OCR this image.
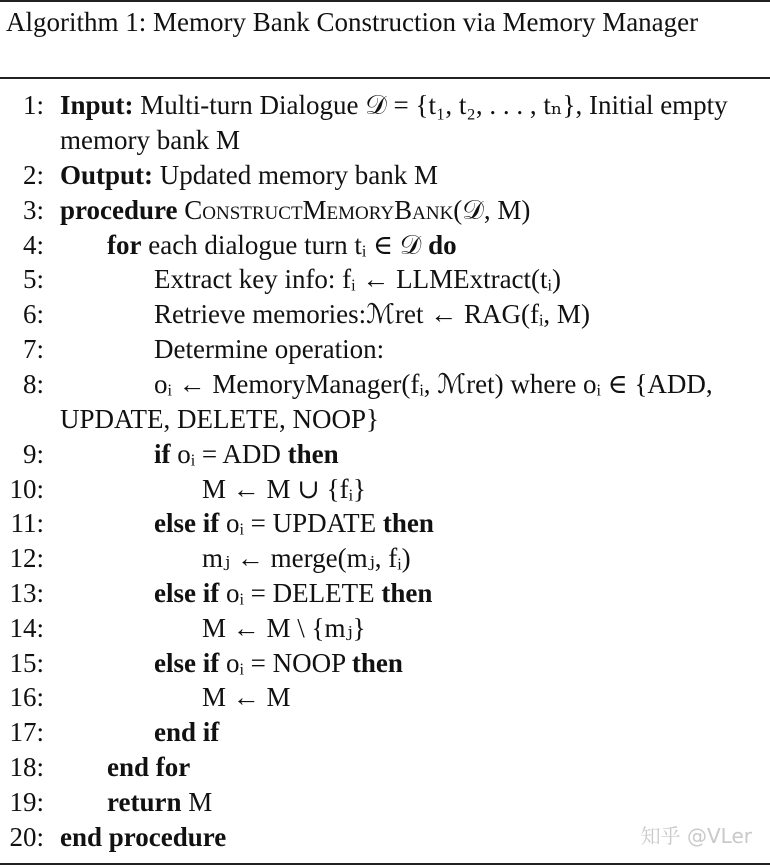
Algorithm 1: Memory Bank Construction via Memory Manager
1: Input: Multi-turn Dialogue 𝒟 = {t₁, t₂, . . . , tₙ}, Initial empty memory bank M
2: Output: Updated memory bank M
3: procedure ConstructMemoryBank(𝒟, M)
4: for each dialogue turn tᵢ ∈ 𝒟 do
5:	Extract key info: fᵢ ← LLMExtract(tᵢ)
6:	Retrieve memories:ℳret ← RAG(fᵢ, M)
7:	Determine operation:
8:	oᵢ ← MemoryManager(fᵢ, ℳret) where oᵢ ∈ {ADD, UPDATE, DELETE, NOOP}
9:	if oᵢ = ADD then
10:	M ← M ∪ {fᵢ}
11:	else if oᵢ = UPDATE then
12:	mⱼ ← merge(mⱼ, fᵢ)
13:	else if oᵢ = DELETE then
14:	M ← M \ {mⱼ}
15:	else if oᵢ = NOOP then
16:	M ← M
17:	end if
18: end for
19: return M
20: end procedure	知乎 @VLer
